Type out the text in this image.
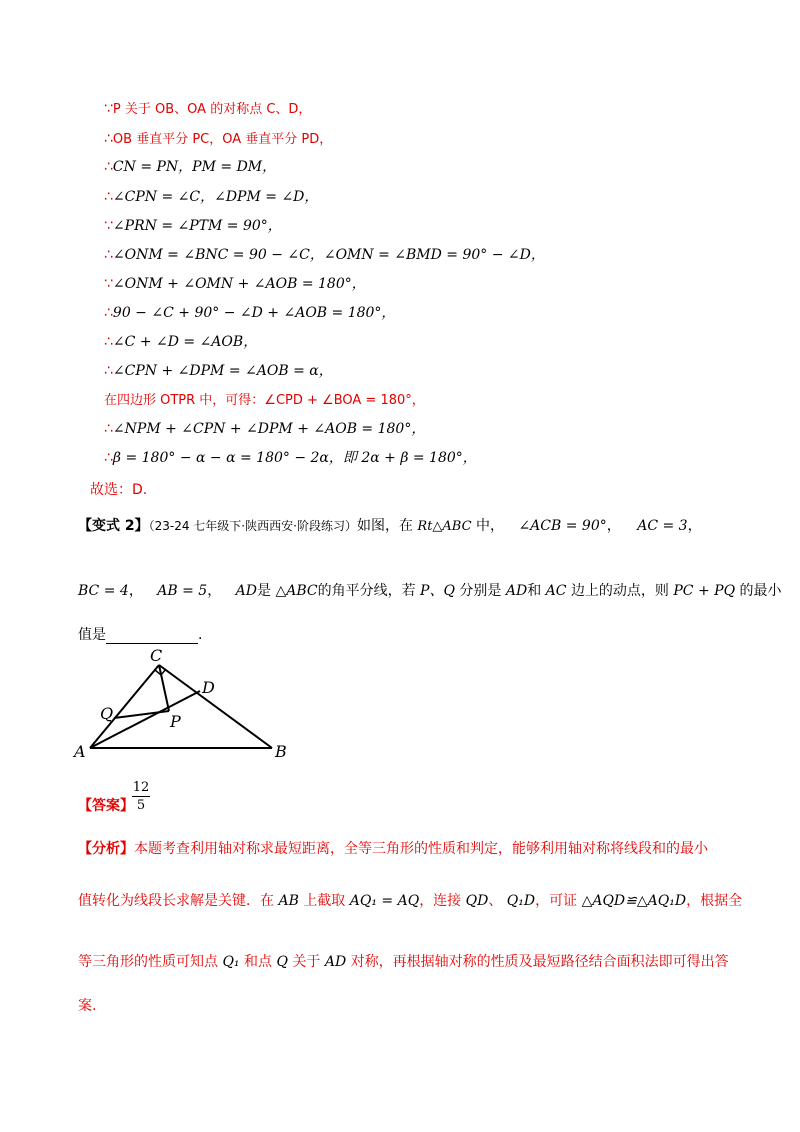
∵P 关于 OB、OA 的对称点 C、D，
∴OB 垂直平分 PC，OA 垂直平分 PD，
∴CN = PN，PM = DM，
∴∠CPN = ∠C，∠DPM = ∠D，
∵∠PRN = ∠PTM = 90°，
∴∠ONM = ∠BNC = 90 − ∠C，∠OMN = ∠BMD = 90° − ∠D，
∵∠ONM + ∠OMN + ∠AOB = 180°，
∴90 − ∠C + 90° − ∠D + ∠AOB = 180°，
∴∠C + ∠D = ∠AOB，
∴∠CPN + ∠DPM = ∠AOB = α，
在四边形 OTPR 中，可得：∠CPD + ∠BOA = 180°，
∴∠NPM + ∠CPN + ∠DPM + ∠AOB = 180°，
∴β = 180° − α − α = 180° − 2α，即 2α + β = 180°，
故选：D.
【变式 2】（23-24 七年级下·陕西西安·阶段练习）如图，在 Rt△ABC 中， ∠ACB = 90°， AC = 3，
BC = 4， AB = 5， AD是 △ABC的角平分线，若 P、Q 分别是 AD和 AC 边上的动点，则 PC + PQ 的最小
值是	.
C
D
Q	P
A	B
【答案】
12
5
【分析】本题考查利用轴对称求最短距离，全等三角形的性质和判定，能够利用轴对称将线段和的最小
值转化为线段长求解是关键．在 AB 上截取 AQ₁ = AQ，连接 QD、 Q₁D，可证 △AQD≌△AQ₁D，根据全
等三角形的性质可知点 Q₁ 和点 Q 关于 AD 对称，再根据轴对称的性质及最短路径结合面积法即可得出答
案.
